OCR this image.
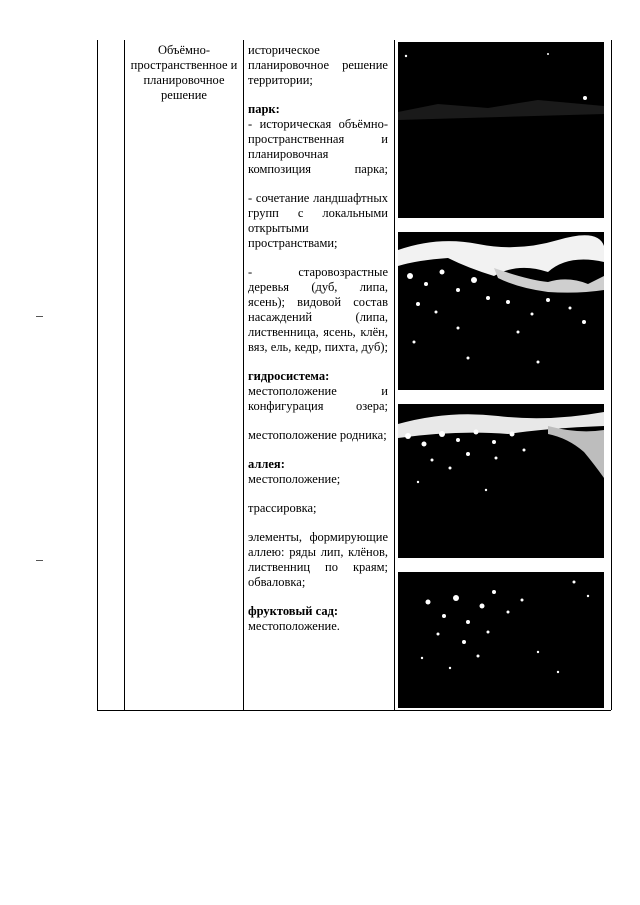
Объёмно-пространственное и планировочное решение
историческое планировочное решение территории;
парк:
- историческая объёмно-пространственная и планировочная композиция парка;
- сочетание ландшафтных групп с локальными открытыми пространствами;
- старовозрастные деревья (дуб, липа, ясень); видовой состав насаждений (липа, лиственница, ясень, клён, вяз, ель, кедр, пихта, дуб);
гидросистема:
местоположение и конфигурация озера;
местоположение родника;
аллея:
местоположение;
трассировка;
элементы, формирующие аллею: ряды лип, клёнов, лиственниц по краям; обваловка;
фруктовый сад:
местоположение.
